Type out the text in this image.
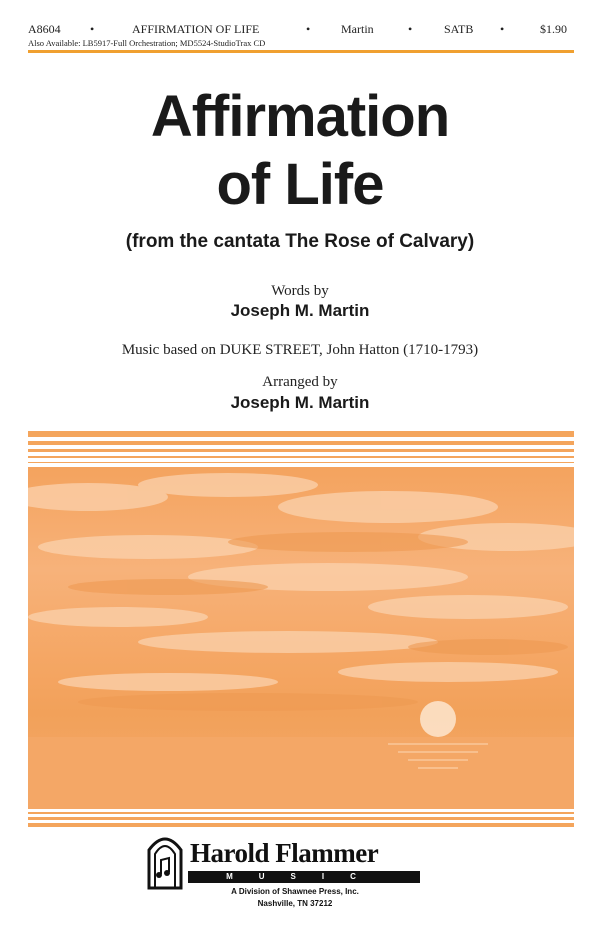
A8604 •	AFFIRMATION OF LIFE	•	Martin	•	SATB •	$1.90
Also Available: LB5917-Full Orchestration; MD5524-StudioTrax CD
Affirmation
of Life
(from the cantata The Rose of Calvary)
Words by
Joseph M. Martin
Music based on DUKE STREET, John Hatton (1710-1793)
Arranged by
Joseph M. Martin
Harold Flammer
MUSIC
A Division of Shawnee Press, Inc.
Nashville, TN 37212
